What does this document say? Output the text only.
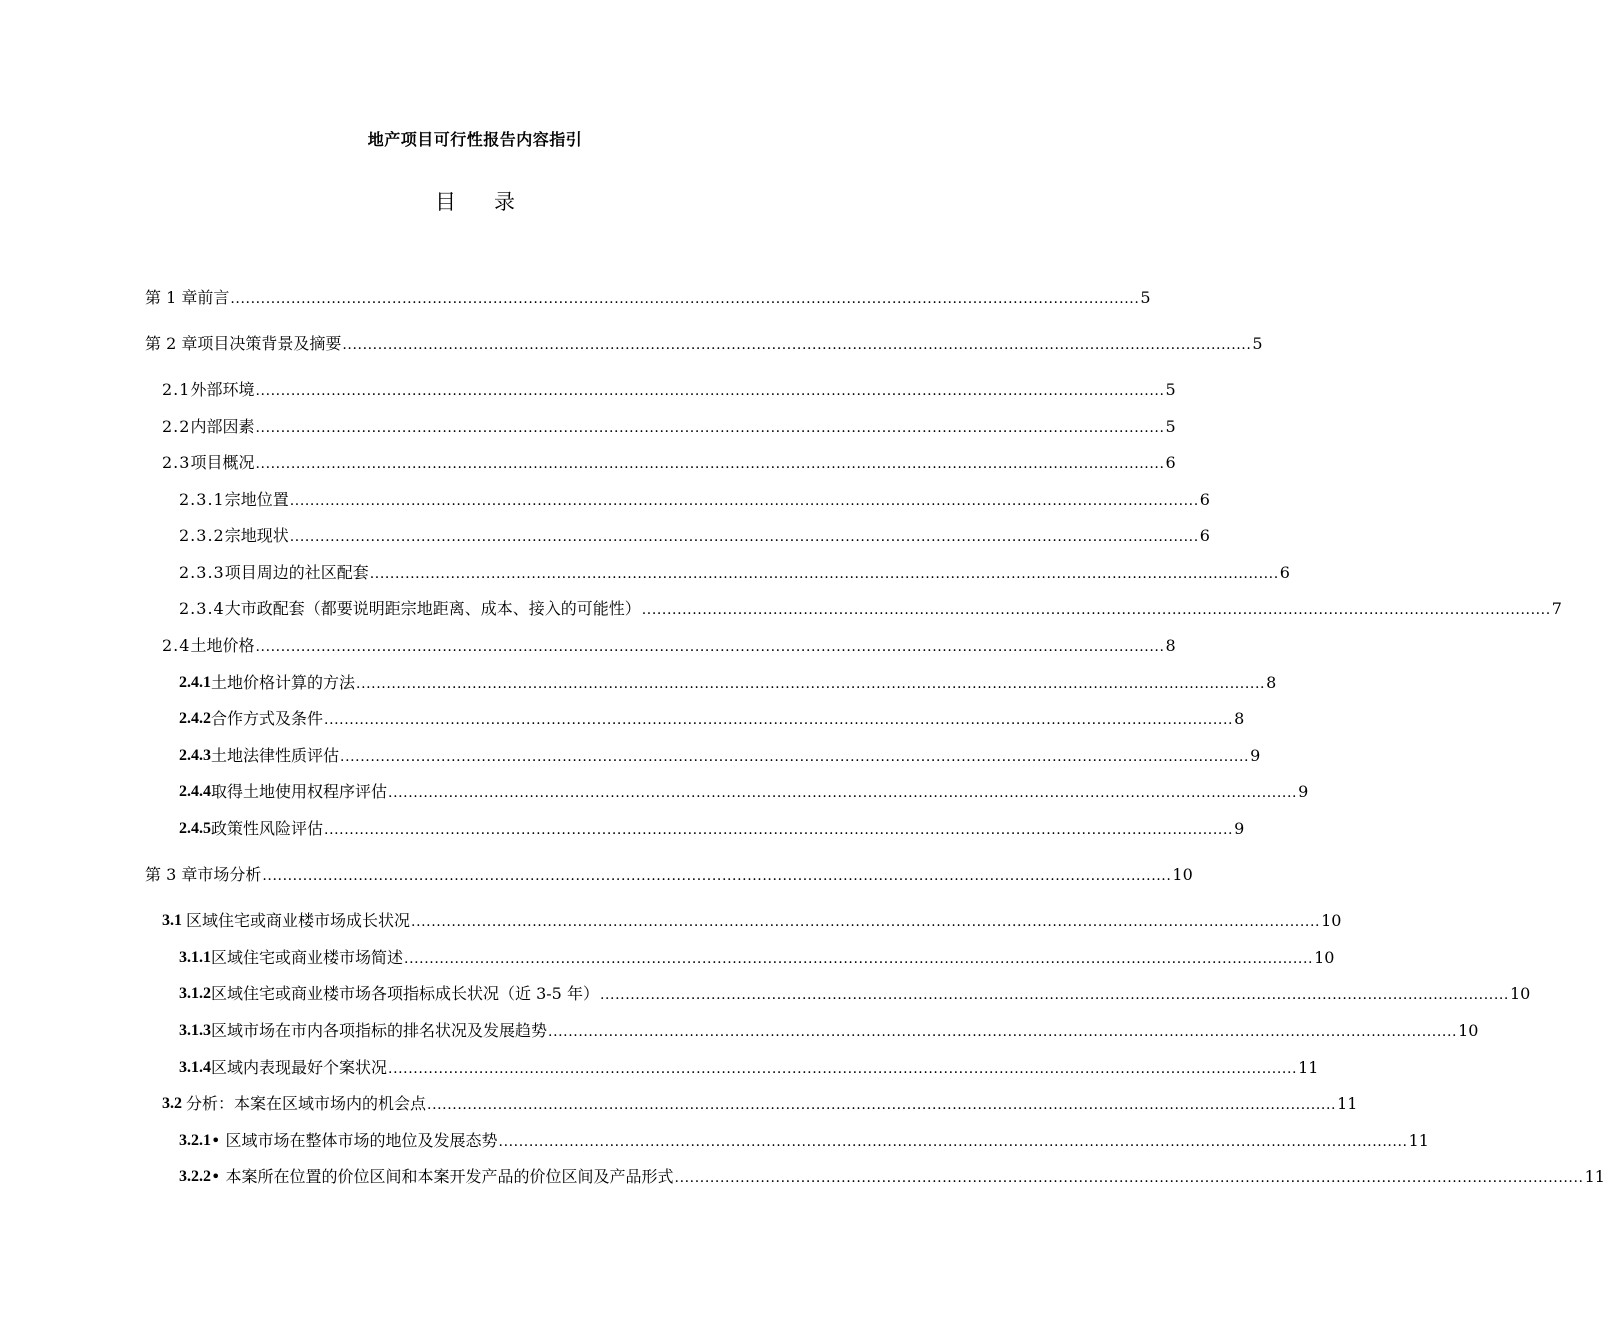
地产项目可行性报告内容指引
目 录
第 1 章 前言 .................................................................................................................................................................................... 5
第 2 章 项目决策背景及摘要 .................................................................................................................................................................................... 5
2.1 外部环境 .................................................................................................................................................................................... 5
2.2 内部因素 .................................................................................................................................................................................... 5
2.3 项目概况 .................................................................................................................................................................................... 6
2.3.1 宗地位置 .................................................................................................................................................................................... 6
2.3.2 宗地现状 .................................................................................................................................................................................... 6
2.3.3 项目周边的社区配套 .................................................................................................................................................................................... 6
2.3.4 大市政配套（都要说明距宗地距离、成本、接入的可能性） .................................................................................................................................................................................... 7
2.4 土地价格 .................................................................................................................................................................................... 8
2.4.1 土地价格计算的方法 .................................................................................................................................................................................... 8
2.4.2 合作方式及条件 .................................................................................................................................................................................... 8
2.4.3 土地法律性质评估 .................................................................................................................................................................................... 9
2.4.4 取得土地使用权程序评估 .................................................................................................................................................................................... 9
2.4.5 政策性风险评估 .................................................................................................................................................................................... 9
第 3 章 市场分析 .................................................................................................................................................................................... 10
3.1 区域住宅或商业楼市场成长状况 .................................................................................................................................................................................... 10
3.1.1 区域住宅或商业楼市场简述 .................................................................................................................................................................................... 10
3.1.2 区域住宅或商业楼市场各项指标成长状况（近 3-5 年） .................................................................................................................................................................................... 10
3.1.3 区域市场在市内各项指标的排名状况及发展趋势 .................................................................................................................................................................................... 10
3.1.4 区域内表现最好个案状况 .................................................................................................................................................................................... 11
3.2 分析：本案在区域市场内的机会点 .................................................................................................................................................................................... 11
3.2.1 • 区域市场在整体市场的地位及发展态势 .................................................................................................................................................................................... 11
3.2.2 • 本案所在位置的价位区间和本案开发产品的价位区间及产品形式 .................................................................................................................................................................................... 11
